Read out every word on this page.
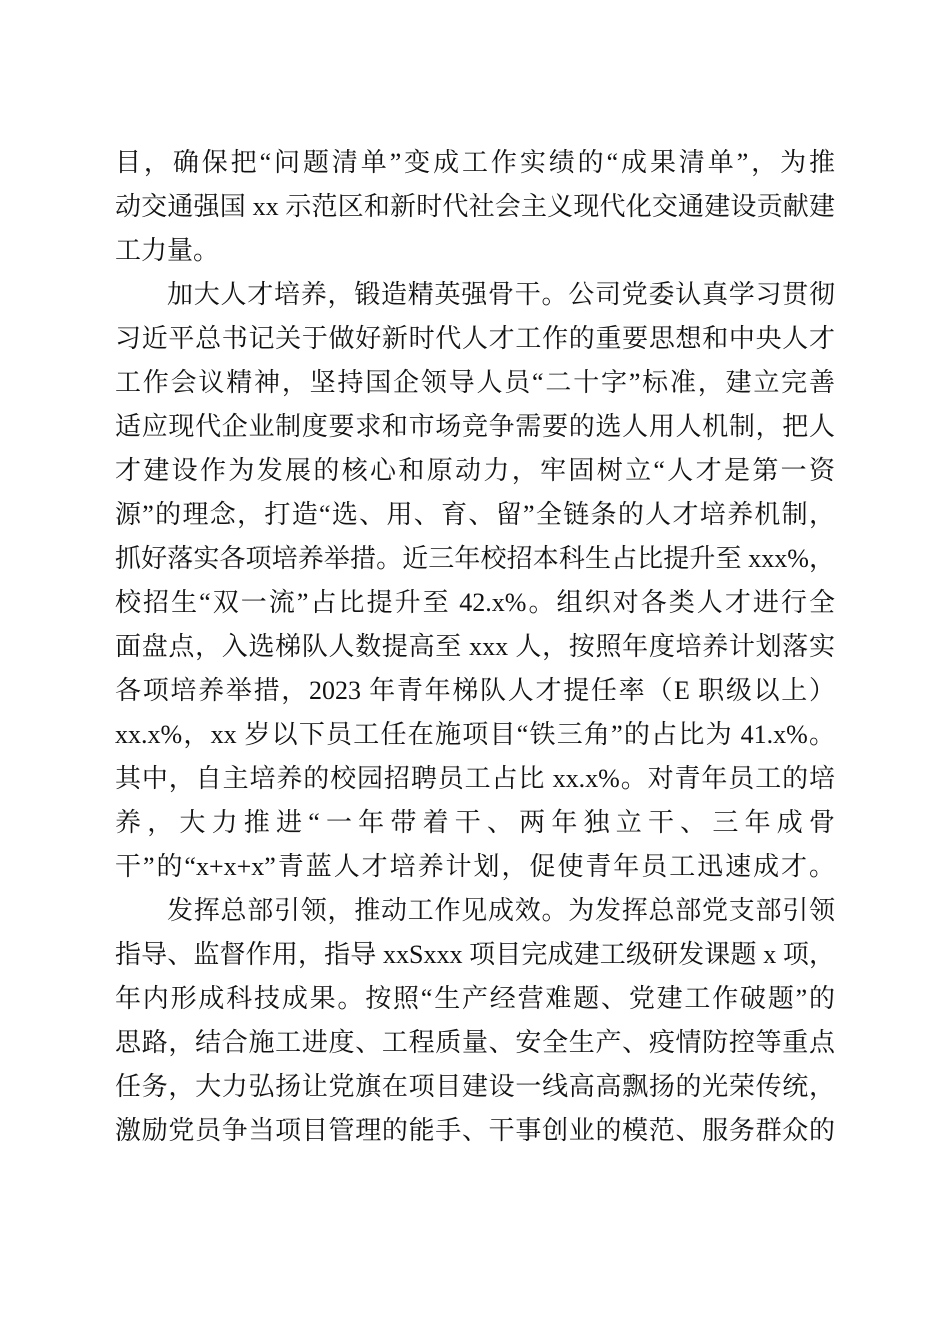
目，确保把“问题清单”变成工作实绩的“成果清单”，为推
动交通强国 xx 示范区和新时代社会主义现代化交通建设贡献建
工力量。
加大人才培养，锻造精英强骨干。公司党委认真学习贯彻
习近平总书记关于做好新时代人才工作的重要思想和中央人才
工作会议精神，坚持国企领导人员“二十字”标准，建立完善
适应现代企业制度要求和市场竞争需要的选人用人机制，把人
才建设作为发展的核心和原动力，牢固树立“人才是第一资
源”的理念，打造“选、用、育、留”全链条的人才培养机制，
抓好落实各项培养举措。近三年校招本科生占比提升至 xxx%，
校招生“双一流”占比提升至 42.x%。组织对各类人才进行全
面盘点，入选梯队人数提高至 xxx 人，按照年度培养计划落实
各项培养举措，2023 年青年梯队人才提任率（E 职级以上）
xx.x%，xx 岁以下员工任在施项目“铁三角”的占比为 41.x%。
其中，自主培养的校园招聘员工占比 xx.x%。对青年员工的培
养，大力推进“一年带着干、两年独立干、三年成骨
干”的“x+x+x”青蓝人才培养计划，促使青年员工迅速成才。
发挥总部引领，推动工作见成效。为发挥总部党支部引领
指导、监督作用，指导 xxSxxx 项目完成建工级研发课题 x 项，
年内形成科技成果。按照“生产经营难题、党建工作破题”的
思路，结合施工进度、工程质量、安全生产、疫情防控等重点
任务，大力弘扬让党旗在项目建设一线高高飘扬的光荣传统，
激励党员争当项目管理的能手、干事创业的模范、服务群众的
